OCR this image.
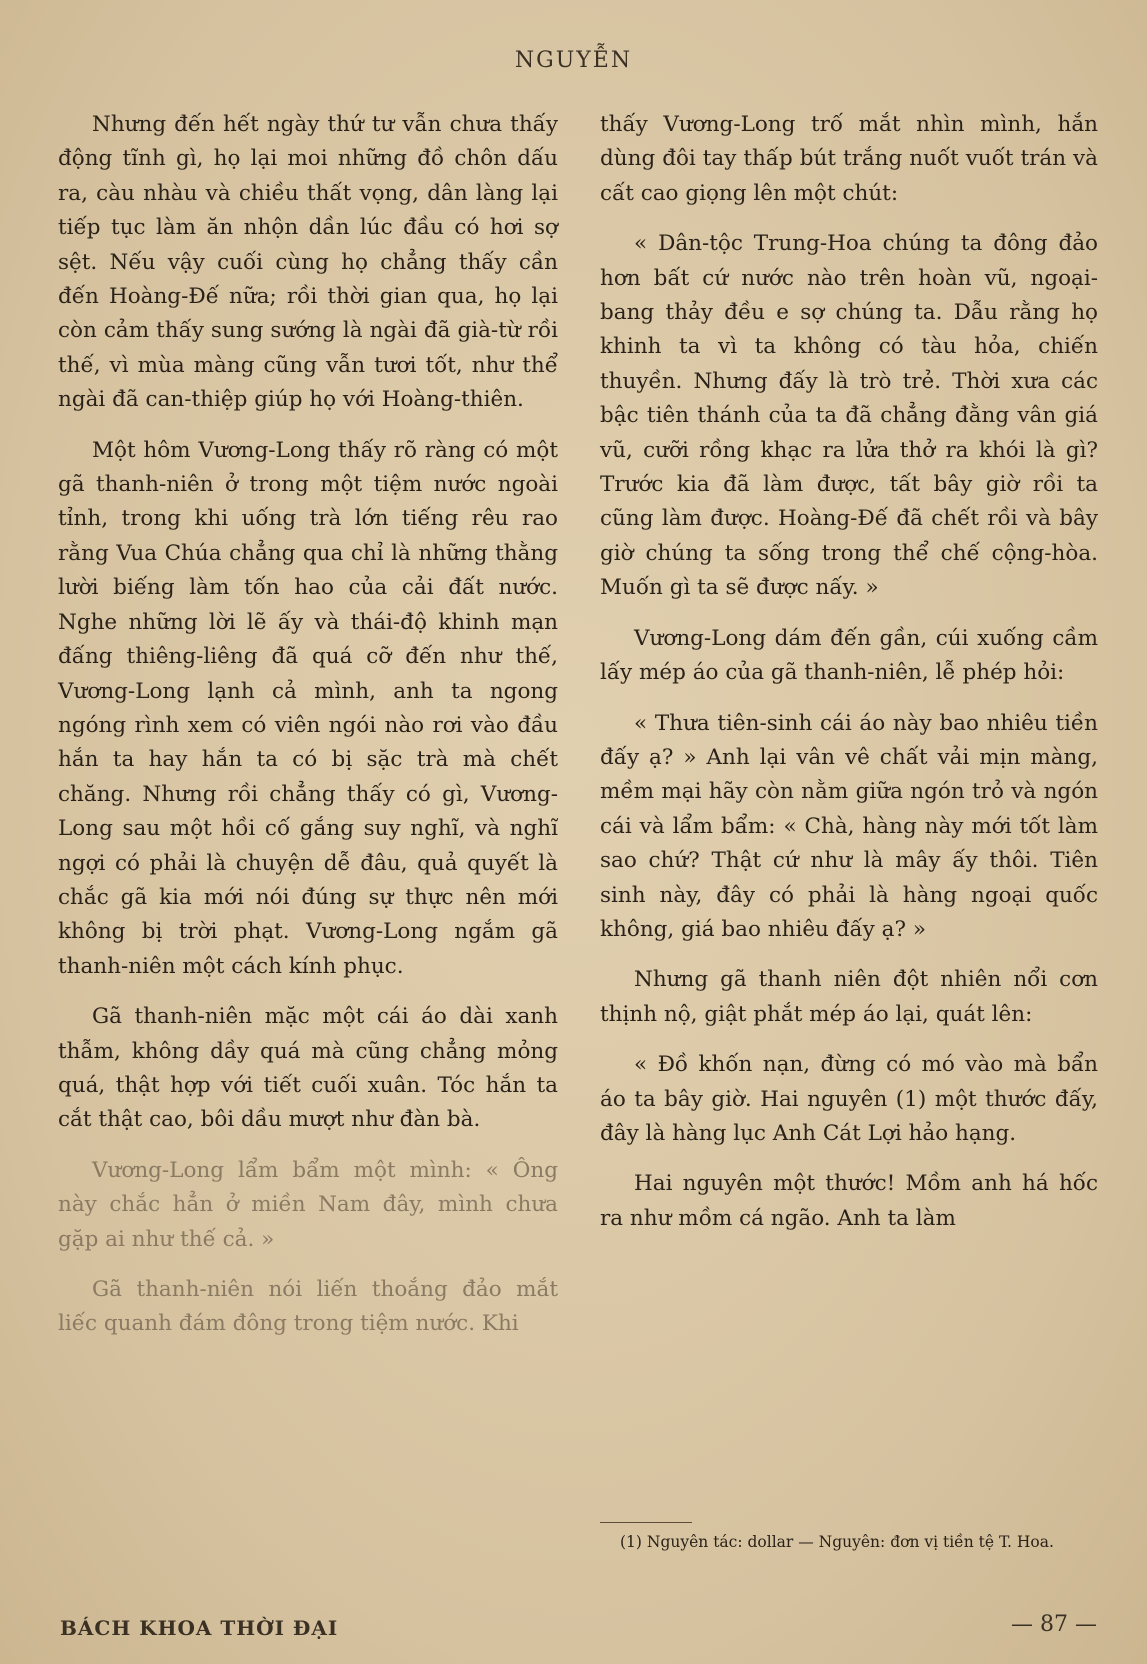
NGUYỄN

Nhưng đến hết ngày thứ tư vẫn chưa thấy động tĩnh gì, họ lại moi những đồ chôn dấu ra, càu nhàu và chiều thất vọng, dân làng lại tiếp tục làm ăn nhộn dần lúc đầu có hơi sợ sệt. Nếu vậy cuối cùng họ chẳng thấy cần đến Hoàng-Đế nữa; rồi thời gian qua, họ lại còn cảm thấy sung sướng là ngài đã già-từ rồi thế, vì mùa màng cũng vẫn tươi tốt, như thể ngài đã can-thiệp giúp họ với Hoàng-thiên.

Một hôm Vương-Long thấy rõ ràng có một gã thanh-niên ở trong một tiệm nước ngoài tỉnh, trong khi uống trà lớn tiếng rêu rao rằng Vua Chúa chẳng qua chỉ là những thằng lười biếng làm tốn hao của cải đất nước. Nghe những lời lẽ ấy và thái-độ khinh mạn đấng thiêng-liêng đã quá cỡ đến như thế, Vương-Long lạnh cả mình, anh ta ngong ngóng rình xem có viên ngói nào rơi vào đầu hắn ta hay hắn ta có bị sặc trà mà chết chăng. Nhưng rồi chẳng thấy có gì, Vương-Long sau một hồi cố gắng suy nghĩ, và nghĩ ngợi có phải là chuyện dễ đâu, quả quyết là chắc gã kia mới nói đúng sự thực nên mới không bị trời phạt. Vương-Long ngắm gã thanh-niên một cách kính phục.

Gã thanh-niên mặc một cái áo dài xanh thẫm, không dầy quá mà cũng chẳng mỏng quá, thật hợp với tiết cuối xuân. Tóc hắn ta cắt thật cao, bôi dầu mượt như đàn bà.

Vương-Long lẩm bẩm một mình: « Ông này chắc hẳn ở miền Nam đây, mình chưa gặp ai như thế cả. »

Gã thanh-niên nói liến thoắng đảo mắt liếc quanh đám đông trong tiệm nước. Khi

thấy Vương-Long trố mắt nhìn mình, hắn dùng đôi tay thấp bút trắng nuốt vuốt trán và cất cao giọng lên một chút:

« Dân-tộc Trung-Hoa chúng ta đông đảo hơn bất cứ nước nào trên hoàn vũ, ngoại-bang thảy đều e sợ chúng ta. Dẫu rằng họ khinh ta vì ta không có tàu hỏa, chiến thuyền. Nhưng đấy là trò trẻ. Thời xưa các bậc tiên thánh của ta đã chẳng đằng vân giá vũ, cưỡi rồng khạc ra lửa thở ra khói là gì? Trước kia đã làm được, tất bây giờ rồi ta cũng làm được. Hoàng-Đế đã chết rồi và bây giờ chúng ta sống trong thể chế cộng-hòa. Muốn gì ta sẽ được nấy. »

Vương-Long dám đến gần, cúi xuống cầm lấy mép áo của gã thanh-niên, lễ phép hỏi:

« Thưa tiên-sinh cái áo này bao nhiêu tiền đấy ạ? » Anh lại vân vê chất vải mịn màng, mềm mại hãy còn nằm giữa ngón trỏ và ngón cái và lẩm bẩm: « Chà, hàng này mới tốt làm sao chứ? Thật cứ như là mây ấy thôi. Tiên sinh này, đây có phải là hàng ngoại quốc không, giá bao nhiêu đấy ạ? »

Nhưng gã thanh niên đột nhiên nổi cơn thịnh nộ, giật phắt mép áo lại, quát lên:

« Đồ khốn nạn, đừng có mó vào mà bẩn áo ta bây giờ. Hai nguyên (1) một thước đấy, đây là hàng lục Anh Cát Lợi hảo hạng.

Hai nguyên một thước! Mồm anh há hốc ra như mồm cá ngão. Anh ta làm

(1) Nguyên tác: dollar — Nguyên: đơn vị tiền tệ T. Hoa.
BÁCH KHOA THỜI ĐẠI	— 87 —
